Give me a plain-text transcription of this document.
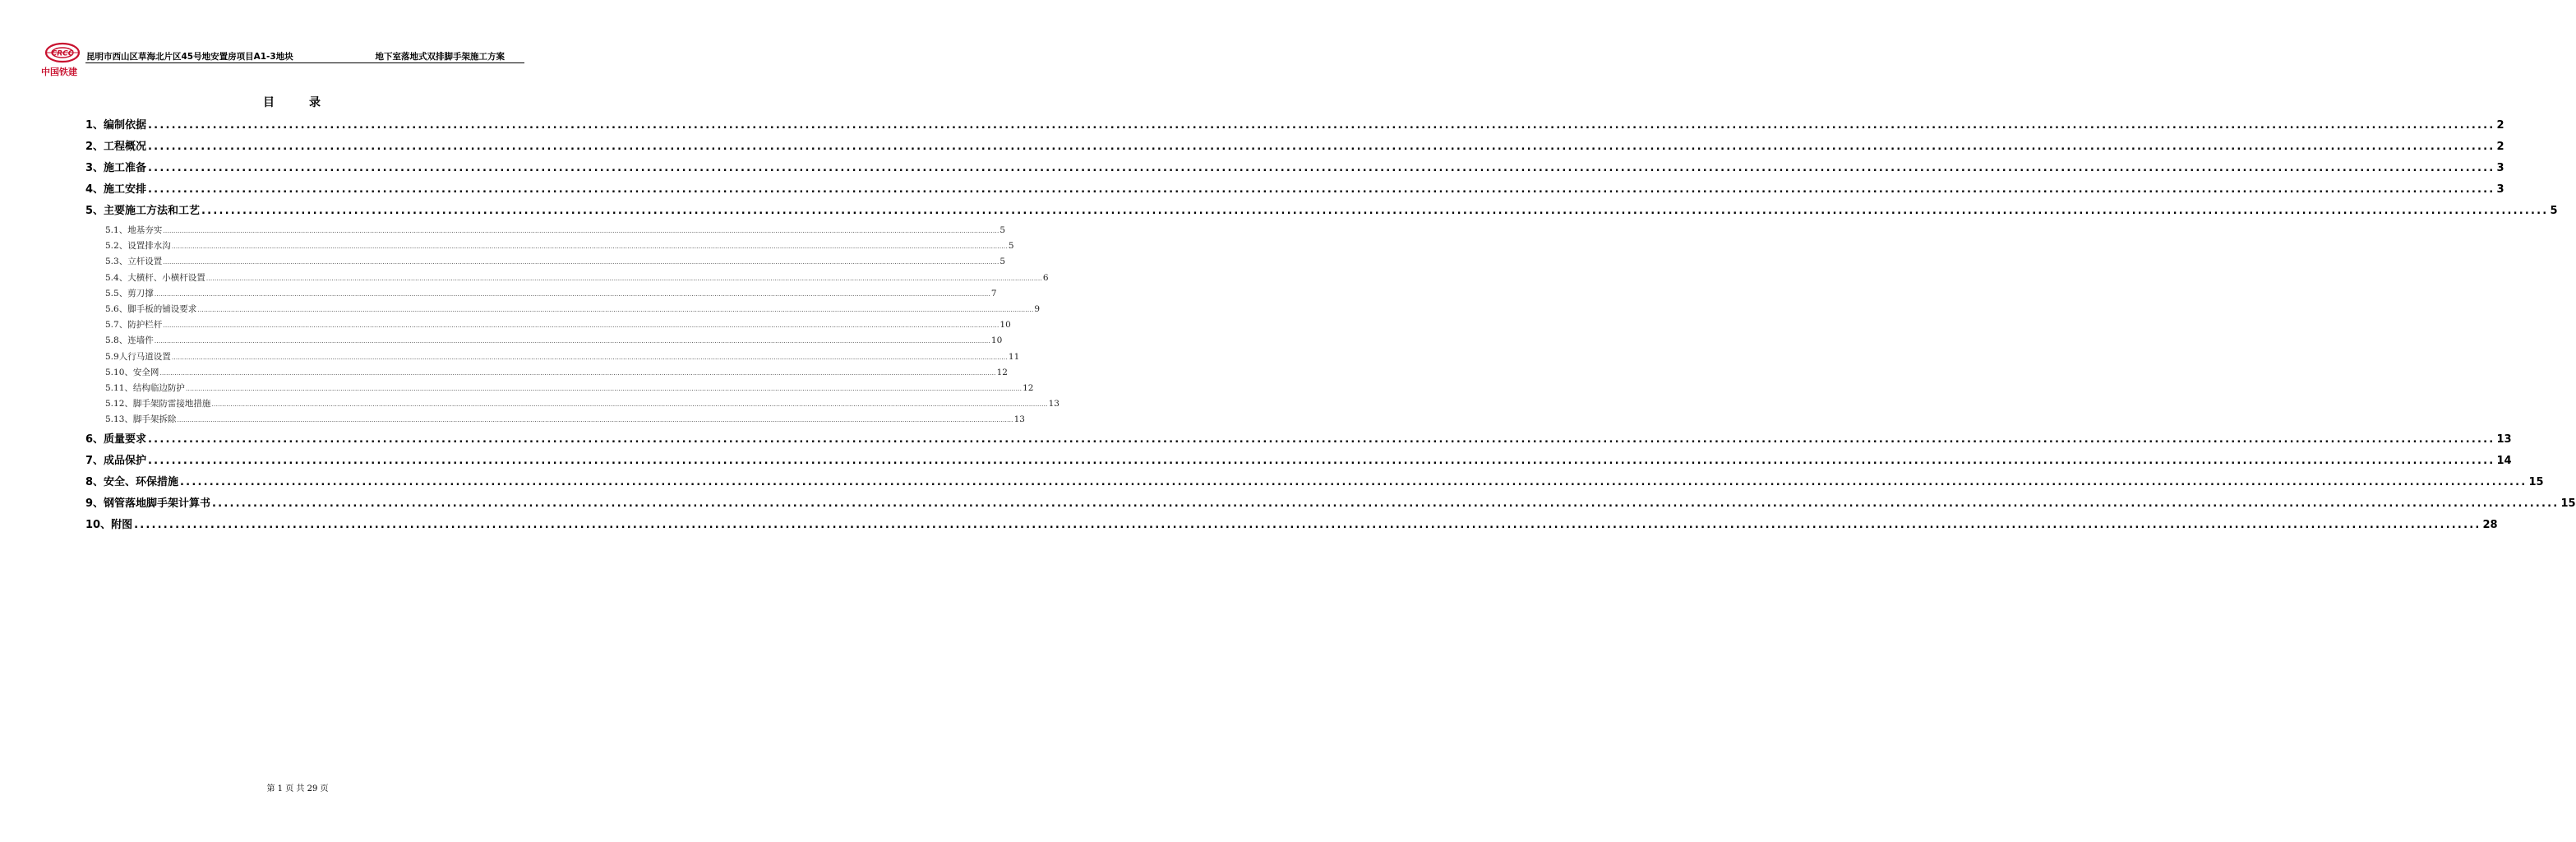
CRCC
中国铁建
昆明市西山区草海北片区45号地安置房项目A1-3地块	地下室落地式双排脚手架施工方案
目　录
1、编制依据 ................................................................................................................................................................................................................................................................................................................................................................................................................ 2
2、工程概况 ................................................................................................................................................................................................................................................................................................................................................................................................................ 2
3、施工准备 ................................................................................................................................................................................................................................................................................................................................................................................................................ 3
4、施工安排 ................................................................................................................................................................................................................................................................................................................................................................................................................ 3
5、主要施工方法和工艺 ................................................................................................................................................................................................................................................................................................................................................................................................................ 5
5.1、地基夯实 ................................................................................................................................................................................................................................................................................................................................................................................................................ 5
5.2、设置排水沟 ................................................................................................................................................................................................................................................................................................................................................................................................................ 5
5.3、立杆设置 ................................................................................................................................................................................................................................................................................................................................................................................................................ 5
5.4、大横杆、小横杆设置 ................................................................................................................................................................................................................................................................................................................................................................................................................ 6
5.5、剪刀撑 ................................................................................................................................................................................................................................................................................................................................................................................................................ 7
5.6、脚手板的铺设要求 ................................................................................................................................................................................................................................................................................................................................................................................................................ 9
5.7、防护栏杆 ................................................................................................................................................................................................................................................................................................................................................................................................................ 10
5.8、连墙件 ................................................................................................................................................................................................................................................................................................................................................................................................................ 10
5.9人行马道设置 ................................................................................................................................................................................................................................................................................................................................................................................................................ 11
5.10、安全网 ................................................................................................................................................................................................................................................................................................................................................................................................................ 12
5.11、结构临边防护 ................................................................................................................................................................................................................................................................................................................................................................................................................ 12
5.12、脚手架防雷接地措施 ................................................................................................................................................................................................................................................................................................................................................................................................................ 13
5.13、脚手架拆除 ................................................................................................................................................................................................................................................................................................................................................................................................................ 13
6、质量要求 ................................................................................................................................................................................................................................................................................................................................................................................................................ 13
7、成品保护 ................................................................................................................................................................................................................................................................................................................................................................................................................ 14
8、安全、环保措施 ................................................................................................................................................................................................................................................................................................................................................................................................................ 15
9、钢管落地脚手架计算书 ................................................................................................................................................................................................................................................................................................................................................................................................................ 15
10、附图 ................................................................................................................................................................................................................................................................................................................................................................................................................ 28
第 1 页 共 29 页
